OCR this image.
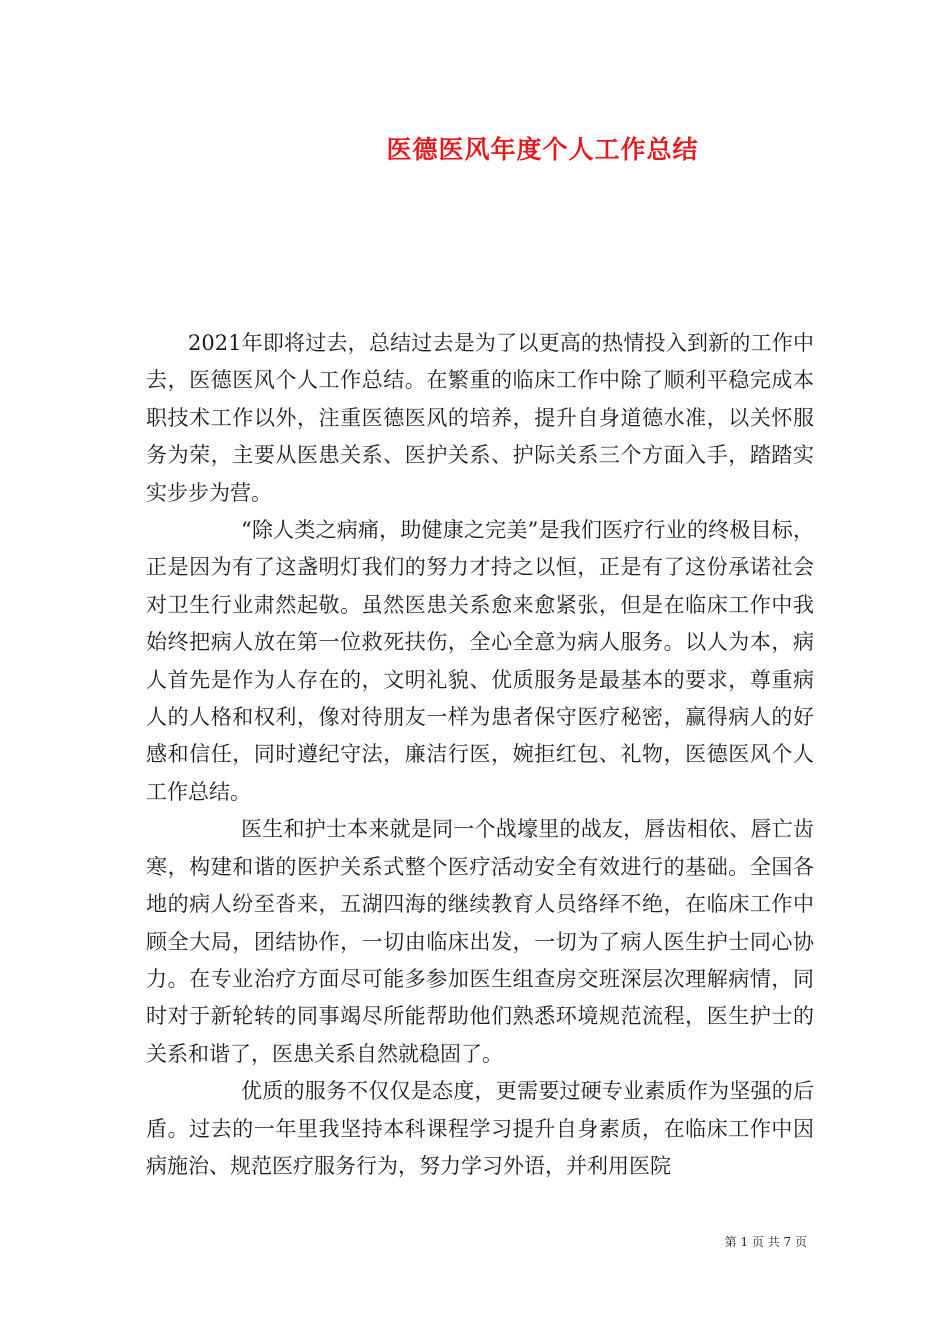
医德医风年度个人工作总结

2021年即将过去，总结过去是为了以更高的热情投入到新的工作中去，医德医风个人工作总结。在繁重的临床工作中除了顺利平稳完成本职技术工作以外，注重医德医风的培养，提升自身道德水准，以关怀服务为荣，主要从医患关系、医护关系、护际关系三个方面入手，踏踏实实步步为营。

“除人类之病痛，助健康之完美”是我们医疗行业的终极目标，正是因为有了这盏明灯我们的努力才持之以恒，正是有了这份承诺社会对卫生行业肃然起敬。虽然医患关系愈来愈紧张，但是在临床工作中我始终把病人放在第一位救死扶伤，全心全意为病人服务。以人为本，病人首先是作为人存在的，文明礼貌、优质服务是最基本的要求，尊重病人的人格和权利，像对待朋友一样为患者保守医疗秘密，赢得病人的好感和信任，同时遵纪守法，廉洁行医，婉拒红包、礼物，医德医风个人工作总结。

医生和护士本来就是同一个战壕里的战友，唇齿相依、唇亡齿寒，构建和谐的医护关系式整个医疗活动安全有效进行的基础。全国各地的病人纷至沓来，五湖四海的继续教育人员络绎不绝，在临床工作中顾全大局，团结协作，一切由临床出发，一切为了病人医生护士同心协力。在专业治疗方面尽可能多参加医生组查房交班深层次理解病情，同时对于新轮转的同事竭尽所能帮助他们熟悉环境规范流程，医生护士的关系和谐了，医患关系自然就稳固了。

优质的服务不仅仅是态度，更需要过硬专业素质作为坚强的后盾。过去的一年里我坚持本科课程学习提升自身素质，在临床工作中因病施治、规范医疗服务行为，努力学习外语，并利用医院

第 1 页 共 7 页
